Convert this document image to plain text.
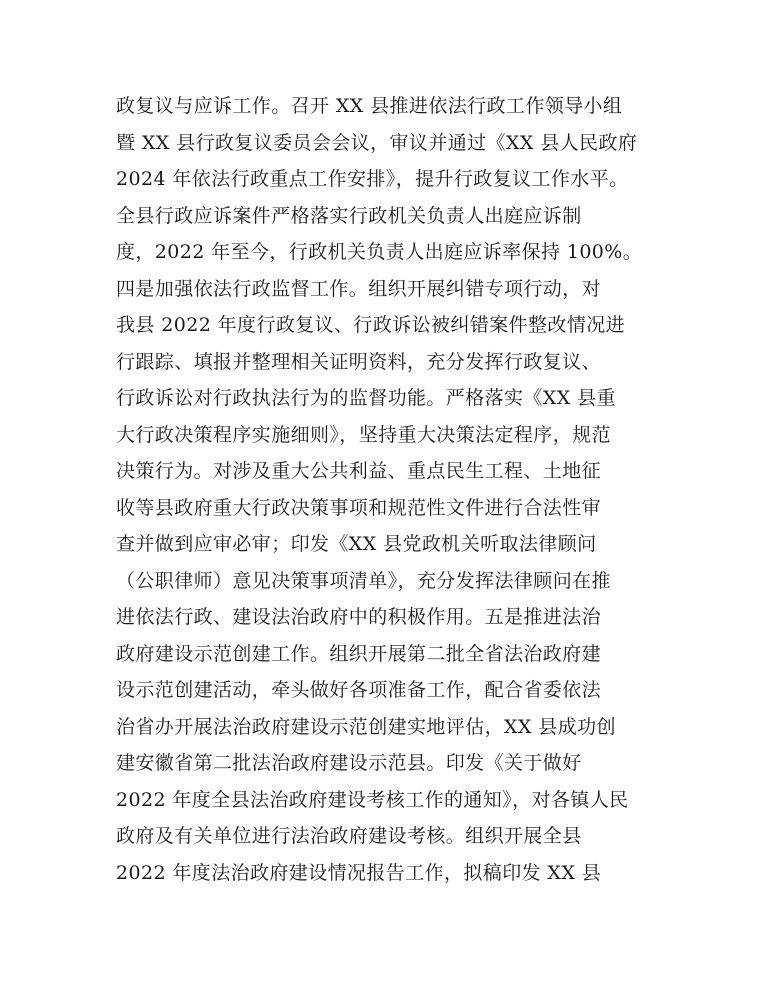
政复议与应诉工作。召开 XX 县推进依法行政工作领导小组
暨 XX 县行政复议委员会会议，审议并通过《XX 县人民政府
2024 年依法行政重点工作安排》，提升行政复议工作水平。
全县行政应诉案件严格落实行政机关负责人出庭应诉制
度，2022 年至今，行政机关负责人出庭应诉率保持 100%。
四是加强依法行政监督工作。组织开展纠错专项行动，对
我县 2022 年度行政复议、行政诉讼被纠错案件整改情况进
行跟踪、填报并整理相关证明资料，充分发挥行政复议、
行政诉讼对行政执法行为的监督功能。严格落实《XX 县重
大行政决策程序实施细则》，坚持重大决策法定程序，规范
决策行为。对涉及重大公共利益、重点民生工程、土地征
收等县政府重大行政决策事项和规范性文件进行合法性审
查并做到应审必审；印发《XX 县党政机关听取法律顾问
（公职律师）意见决策事项清单》，充分发挥法律顾问在推
进依法行政、建设法治政府中的积极作用。五是推进法治
政府建设示范创建工作。组织开展第二批全省法治政府建
设示范创建活动，牵头做好各项准备工作，配合省委依法
治省办开展法治政府建设示范创建实地评估，XX 县成功创
建安徽省第二批法治政府建设示范县。印发《关于做好
2022 年度全县法治政府建设考核工作的通知》，对各镇人民
政府及有关单位进行法治政府建设考核。组织开展全县
2022 年度法治政府建设情况报告工作，拟稿印发 XX 县
